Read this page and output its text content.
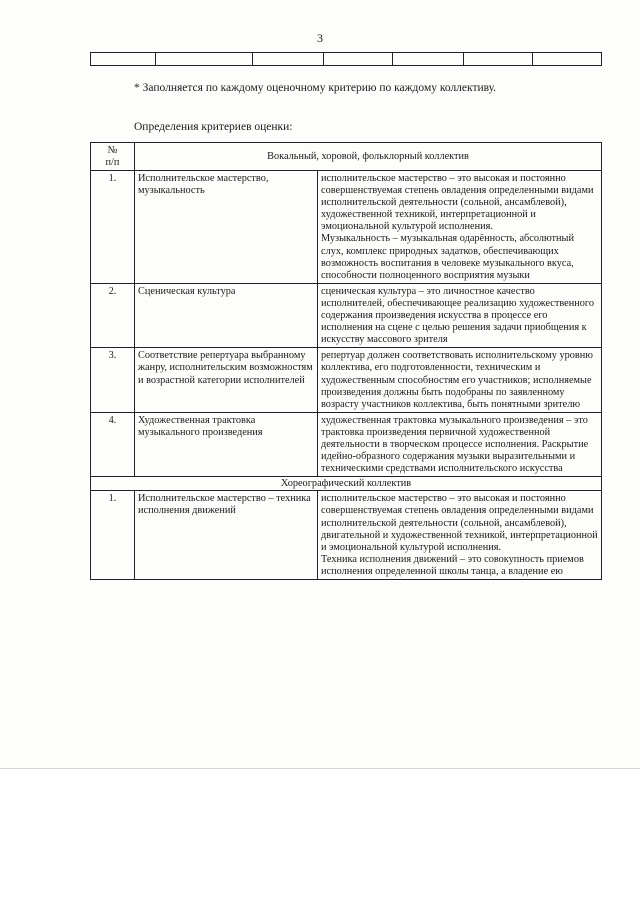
3

* Заполняется по каждому оценочному критерию по каждому коллективу.
Определения критериев оценки:
№
п/п	Вокальный, хоровой, фольклорный коллектив	
1.	Исполнительское мастерство, музыкальность	исполнительское мастерство – это высокая и постоянно совершенствуемая степень овладения определенными видами исполнительской деятельности (сольной, ансамблевой), художественной техникой, интерпретационной и эмоциональной культурой исполнения.
Музыкальность – музыкальная одарённость, абсолютный слух, комплекс природных задатков, обеспечивающих возможность воспитания в человеке музыкального вкуса, способности полноценного восприятия музыки

2.	Сценическая культура	сценическая культура – это личностное качество исполнителей, обеспечивающее реализацию художественного содержания произведения искусства в процессе его исполнения на сцене с целью решения задачи приобщения к искусству массового зрителя

3.	Соответствие репертуара выбранному жанру, исполнительским возможностям и возрастной категории исполнителей	репертуар должен соответствовать исполнительскому уровню коллектива, его подготовленности, техническим и художественным способностям его участников; исполняемые произведения должны быть подобраны по заявленному возрасту участников коллектива, быть понятными зрителю

4.	Художественная трактовка музыкального произведения	художественная трактовка музыкального произведения – это трактовка произведения первичной художественной деятельности в творческом процессе исполнения. Раскрытие идейно-образного содержания музыки выразительными и техническими средствами исполнительского искусства

Хореографический коллектив		
1.	Исполнительское мастерство – техника исполнения движений	исполнительское мастерство – это высокая и постоянно совершенствуемая степень овладения определенными видами исполнительской деятельности (сольной, ансамблевой), двигательной и художественной техникой, интерпретационной и эмоциональной культурой исполнения.
Техника исполнения движений – это совокупность приемов исполнения определенной школы танца, а владение ею
